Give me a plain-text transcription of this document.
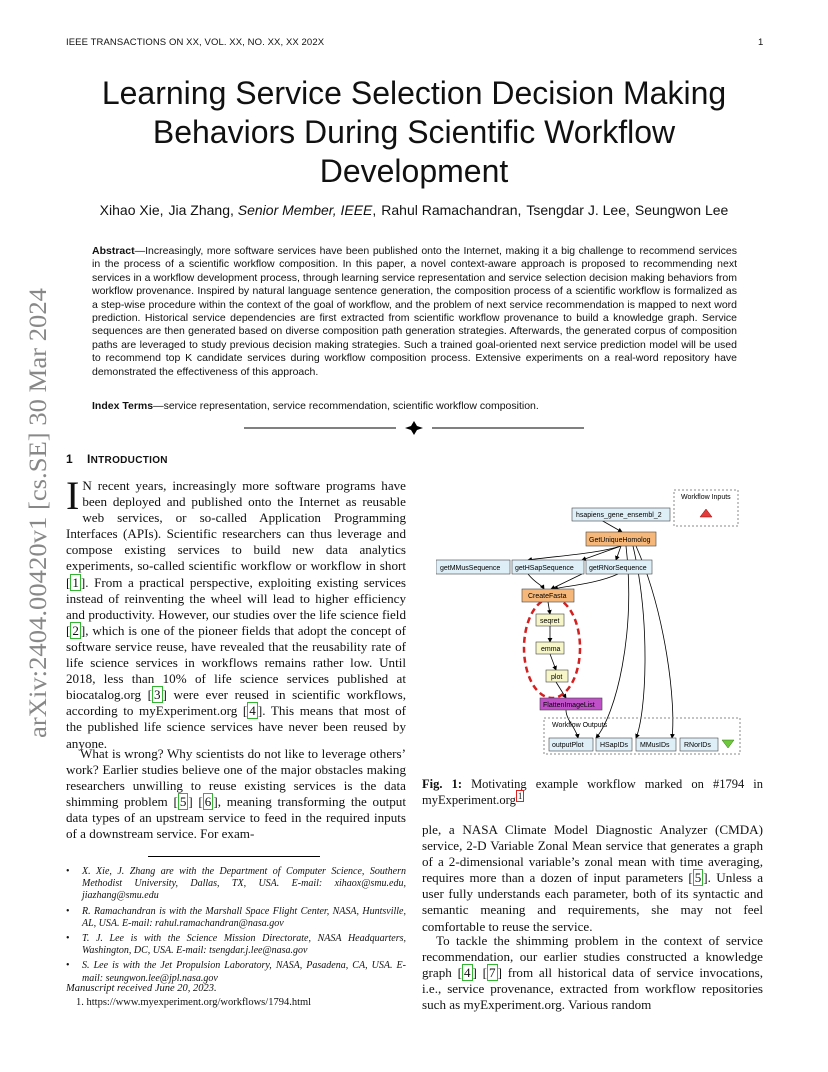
IEEE TRANSACTIONS ON XX, VOL. XX, NO. XX, XX 202X	1
arXiv:2404.00420v1 [cs.SE] 30 Mar 2024
Learning Service Selection Decision Making Behaviors During Scientific Workflow Development
Xihao Xie, Jia Zhang, Senior Member, IEEE, Rahul Ramachandran, Tsengdar J. Lee, Seungwon Lee

Abstract—Increasingly, more software services have been published onto the Internet, making it a big challenge to recommend services in the process of a scientific workflow composition. In this paper, a novel context-aware approach is proposed to recommending next services in a workflow development process, through learning service representation and service selection decision making behaviors from workflow provenance. Inspired by natural language sentence generation, the composition process of a scientific workflow is formalized as a step-wise procedure within the context of the goal of workflow, and the problem of next service recommendation is mapped to next word prediction. Historical service dependencies are first extracted from scientific workflow provenance to build a knowledge graph. Service sequences are then generated based on diverse composition path generation strategies. Afterwards, the generated corpus of composition paths are leveraged to study previous decision making strategies. Such a trained goal-oriented next service prediction model will be used to recommend top K candidate services during workflow composition process. Extensive experiments on a real-word repository have demonstrated the effectiveness of this approach.

Index Terms—service representation, service recommendation, scientific workflow composition.
1 INTRODUCTION

I N recent years, increasingly more software programs have been deployed and published onto the Internet as reusable web services, or so-called Application Programming Interfaces (APIs). Scientific researchers can thus leverage and compose existing services to build new data analytics experiments, so-called scientific workflow or workflow in short [ 1 ]. From a practical perspective, exploiting existing services instead of reinventing the wheel will lead to higher efficiency and productivity. However, our studies over the life science field [ 2 ], which is one of the pioneer fields that adopt the concept of software service reuse, have revealed that the reusability rate of life science services in workflows remains rather low. Until 2018, less than 10% of life science services published at biocatalog.org [ 3 ] were ever reused in scientific workflows, according to myExperiment.org [ 4 ]. This means that most of the published life science services have never been reused by anyone.

What is wrong? Why scientists do not like to leverage others’ work? Earlier studies believe one of the major obstacles making researchers unwilling to reuse existing services is the data shimming problem [ 5 ] [ 6 ], meaning transforming the output data types of an upstream service to feed in the required inputs of a downstream service. For exam-

• X. Xie, J. Zhang are with the Department of Computer Science, Southern Methodist University, Dallas, TX, USA. E-mail: xihaox@smu.edu, jiazhang@smu.edu
• R. Ramachandran is with the Marshall Space Flight Center, NASA, Huntsville, AL, USA. E-mail: rahul.ramachandran@nasa.gov
• T. J. Lee is with the Science Mission Directorate, NASA Headquarters, Washington, DC, USA. E-mail: tsengdar.j.lee@nasa.gov
• S. Lee is with the Jet Propulsion Laboratory, NASA, Pasadena, CA, USA. E-mail: seungwon.lee@jpl.nasa.gov
Manuscript received June 20, 2023.
1. https://www.myexperiment.org/workflows/1794.html
Workflow Inputs
hsapiens_gene_ensembl_2
GetUniqueHomolog
getMMusSequence getHSapSequence getRNorSequence
CreateFasta
seqret
emma
plot
FlattenImageList
Workflow Outputs
outputPlot HSapIDs MMusIDs RNorIDs

Fig. 1: Motivating example workflow marked on #1794 in myExperiment.org $^1$

ple, a NASA Climate Model Diagnostic Analyzer (CMDA) service, 2-D Variable Zonal Mean service that generates a graph of a 2-dimensional variable’s zonal mean with time averaging, requires more than a dozen of input parameters [ 5 ]. Unless a user fully understands each parameter, both of its syntactic and semantic meaning and requirements, she may not feel comfortable to reuse the service.

To tackle the shimming problem in the context of service recommendation, our earlier studies constructed a knowledge graph [ 4 ] [ 7 ] from all historical data of service invocations, i.e., service provenance, extracted from workflow repositories such as myExperiment.org. Various random
